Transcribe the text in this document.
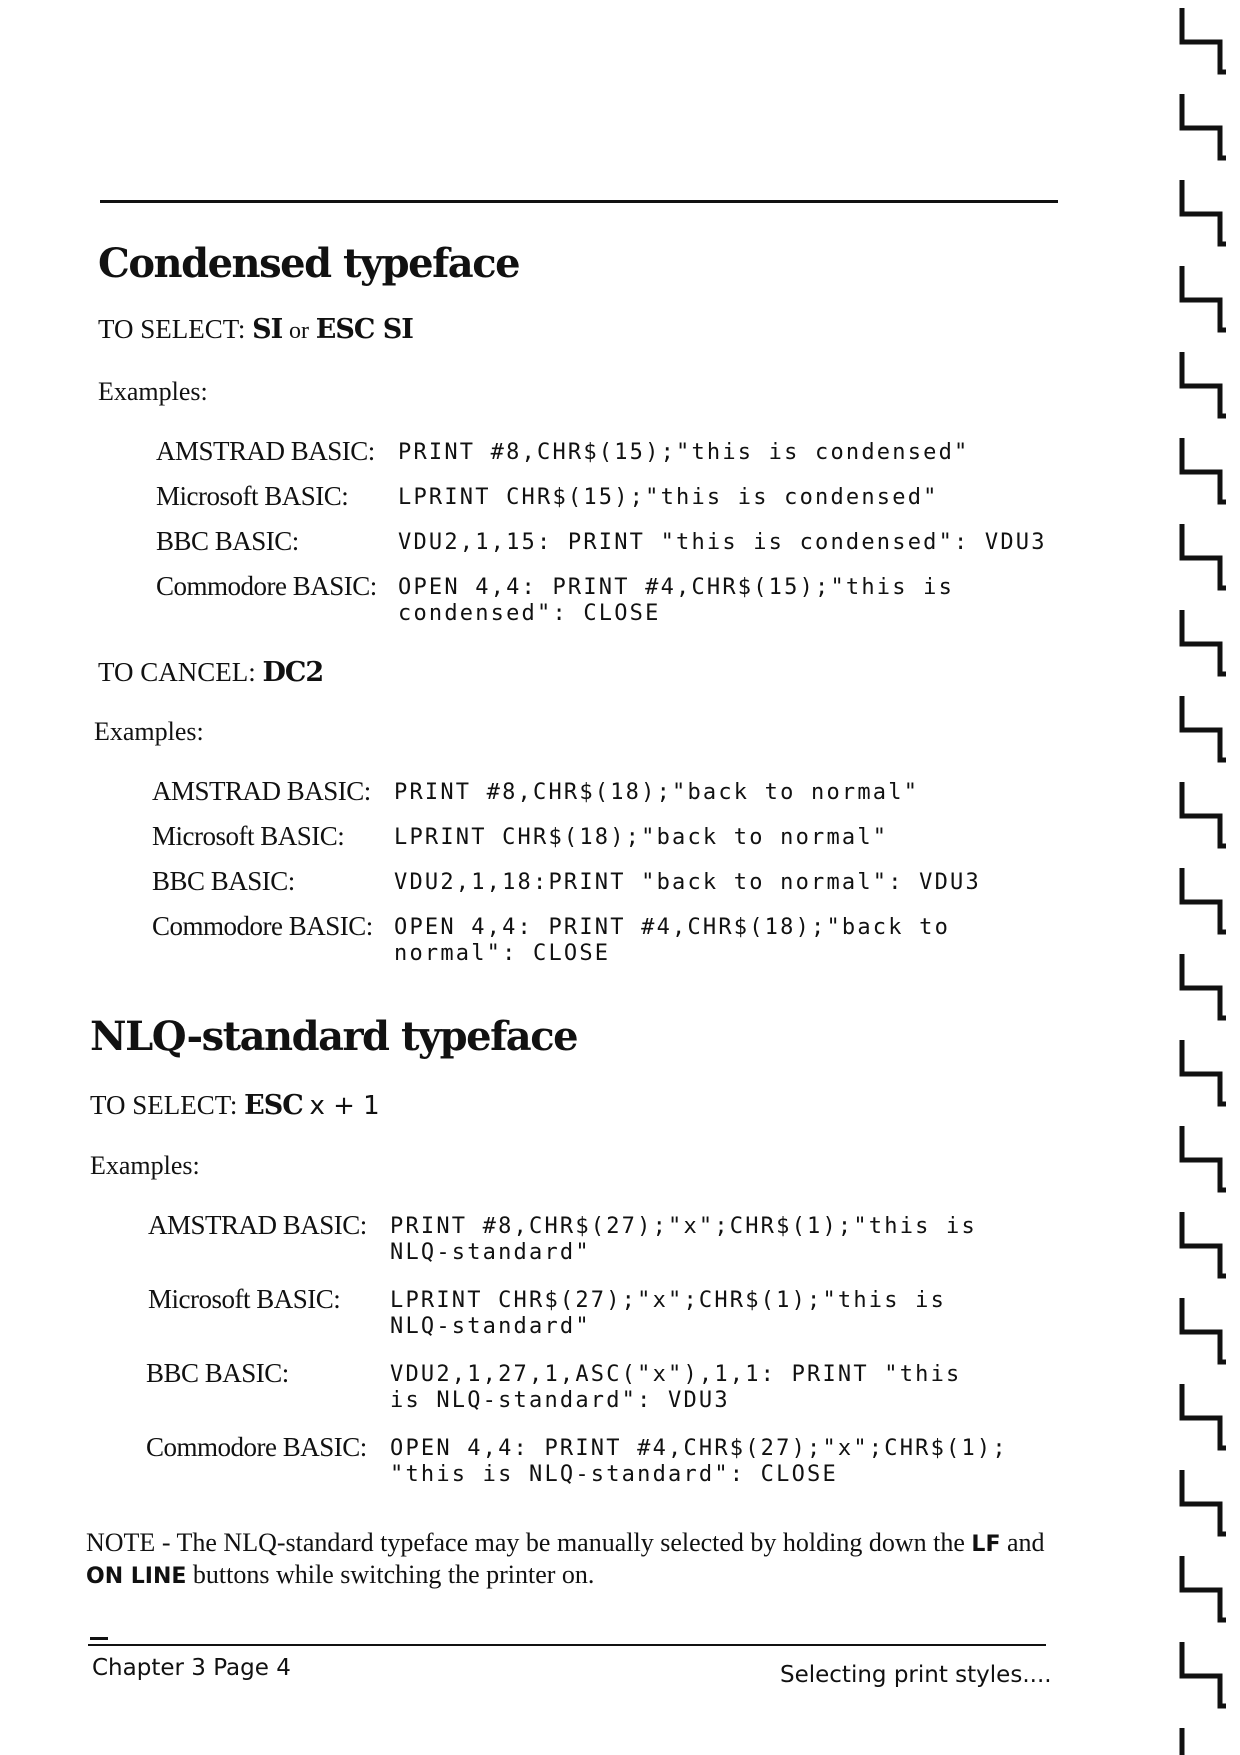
Condensed typeface

TO SELECT: SI or ESC SI

Examples:

AMSTRAD BASIC: PRINT #8,CHR$(15);"this is condensed"
Microsoft BASIC: LPRINT CHR$(15);"this is condensed"
BBC BASIC:	VDU2,1,15: PRINT "this is condensed": VDU3
Commodore BASIC: OPEN 4,4: PRINT #4,CHR$(15);"this is
condensed": CLOSE

TO CANCEL: DC2

Examples:

AMSTRAD BASIC: PRINT #8,CHR$(18);"back to normal"
Microsoft BASIC: LPRINT CHR$(18);"back to normal"
BBC BASIC:	VDU2,1,18:PRINT "back to normal": VDU3
Commodore BASIC: OPEN 4,4: PRINT #4,CHR$(18);"back to
normal": CLOSE
NLQ-standard typeface

TO SELECT: ESC x + 1

Examples:

AMSTRAD BASIC: PRINT #8,CHR$(27);"x";CHR$(1);"this is
NLQ-standard"
Microsoft BASIC: LPRINT CHR$(27);"x";CHR$(1);"this is
NLQ-standard"
BBC BASIC:	VDU2,1,27,1,ASC("x"),1,1: PRINT "this
is NLQ-standard": VDU3
Commodore BASIC: OPEN 4,4: PRINT #4,CHR$(27);"x";CHR$(1);
"this is NLQ-standard": CLOSE

NOTE - The NLQ-standard typeface may be manually selected by holding down the LF and ON LINE buttons while switching the printer on.

Chapter 3 Page 4	Selecting print styles....
